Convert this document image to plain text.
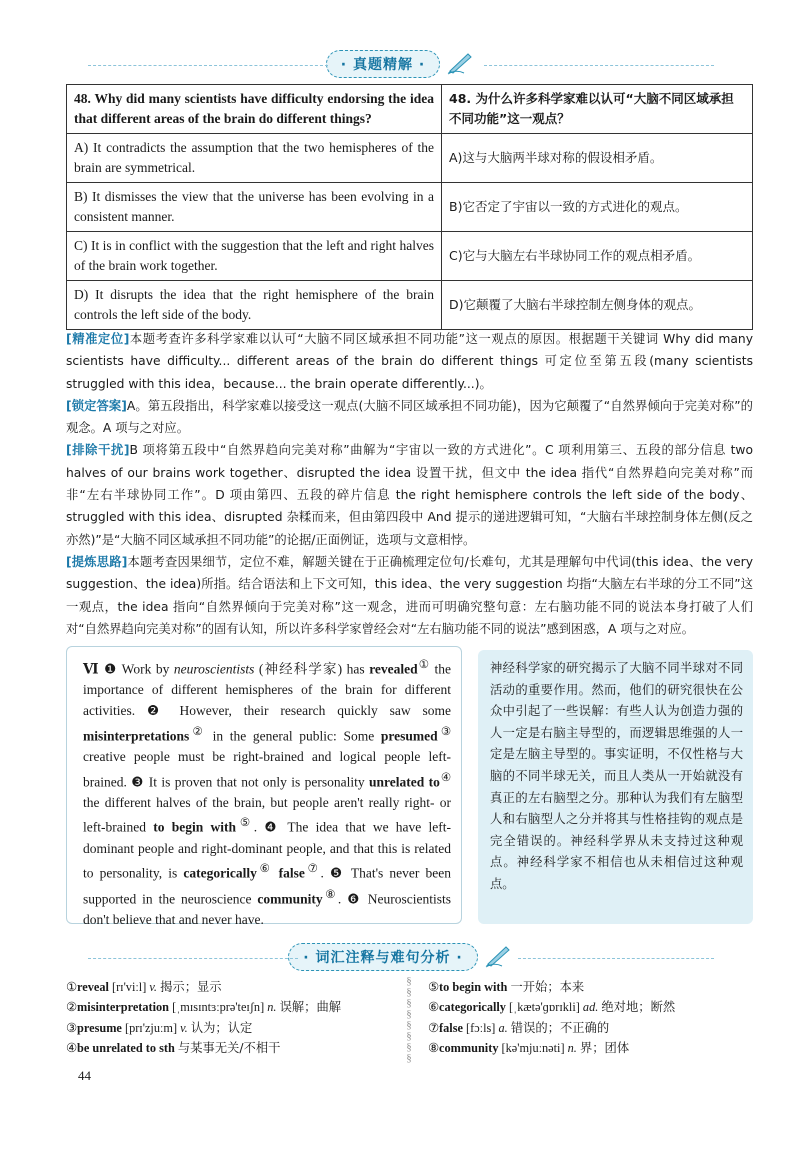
· 真题精解 ·
48. Why did many scientists have difficulty endorsing the idea that different areas of the brain do different things?	48. 为什么许多科学家难以认可“大脑不同区域承担不同功能”这一观点？
A) It contradicts the assumption that the two hemispheres of the brain are symmetrical.	A)这与大脑两半球对称的假设相矛盾。
B) It dismisses the view that the universe has been evolving in a consistent manner.	B)它否定了宇宙以一致的方式进化的观点。
C) It is in conflict with the suggestion that the left and right halves of the brain work together.	C)它与大脑左右半球协同工作的观点相矛盾。
D) It disrupts the idea that the right hemisphere of the brain controls the left side of the body.	D)它颠覆了大脑右半球控制左侧身体的观点。

[精准定位]本题考查许多科学家难以认可“大脑不同区域承担不同功能”这一观点的原因。根据题干关键词 Why did many scientists have difficulty... different areas of the brain do different things 可定位至第五段(many scientists struggled with this idea，because... the brain operate differently...)。

[锁定答案]A。第五段指出，科学家难以接受这一观点(大脑不同区域承担不同功能)，因为它颠覆了“自然界倾向于完美对称”的观念。A 项与之对应。

[排除干扰]B 项将第五段中“自然界趋向完美对称”曲解为“宇宙以一致的方式进化”。C 项利用第三、五段的部分信息 two halves of our brains work together、disrupted the idea 设置干扰，但文中 the idea 指代“自然界趋向完美对称”而非“左右半球协同工作”。D 项由第四、五段的碎片信息 the right hemisphere controls the left side of the body、struggled with this idea、disrupted 杂糅而来，但由第四段中 And 提示的递进逻辑可知，“大脑右半球控制身体左侧(反之亦然)”是“大脑不同区域承担不同功能”的论据/正面例证，选项与文意相悖。

[提炼思路]本题考查因果细节，定位不难，解题关键在于正确梳理定位句/长难句，尤其是理解句中代词(this idea、the very suggestion、the idea)所指。结合语法和上下文可知，this idea、the very suggestion 均指“大脑左右半球的分工不同”这一观点，the idea 指向“自然界倾向于完美对称”这一观念，进而可明确究整句意：左右脑功能不同的说法本身打破了人们对“自然界趋向完美对称”的固有认知，所以许多科学家曾经会对“左右脑功能不同的说法”感到困惑，A 项与之对应。

Ⅵ ❶ Work by neuroscientists (神经科学家) has revealed① the importance of different hemispheres of the brain for different activities. ❷ However, their research quickly saw some misinterpretations② in the general public: Some presumed③ creative people must be right-brained and logical people left-brained. ❸ It is proven that not only is personality unrelated to④ the different halves of the brain, but people aren't really right- or left-brained to begin with⑤. ❹ The idea that we have left-dominant people and right-dominant people, and that this is related to personality, is categorically⑥ false⑦. ❺ That's never been supported in the neuroscience community⑧. ❻ Neuroscientists don't believe that and never have.
神经科学家的研究揭示了大脑不同半球对不同活动的重要作用。然而，他们的研究很快在公众中引起了一些误解：有些人认为创造力强的人一定是右脑主导型的，而逻辑思维强的人一定是左脑主导型的。事实证明，不仅性格与大脑的不同半球无关，而且人类从一开始就没有真正的左右脑型之分。那种认为我们有左脑型人和右脑型人之分并将其与性格挂钩的观点是完全错误的。神经科学界从未支持过这种观点。神经科学家不相信也从未相信过这种观点。
· 词汇注释与难句分析 ·
①reveal [rɪ'viːl] v. 揭示；显示
②misinterpretation [ˌmɪsɪntɜːprə'teɪʃn] n. 误解；曲解
③presume [prɪ'zjuːm] v. 认为；认定
④be unrelated to sth 与某事无关/不相干
§
§
§
§
§
§
§
§
⑤to begin with 一开始；本来
⑥categorically [ˌkætə'ɡɒrɪkli] ad. 绝对地；断然
⑦false [fɔːls] a. 错误的；不正确的
⑧community [kə'mjuːnəti] n. 界；团体
44
